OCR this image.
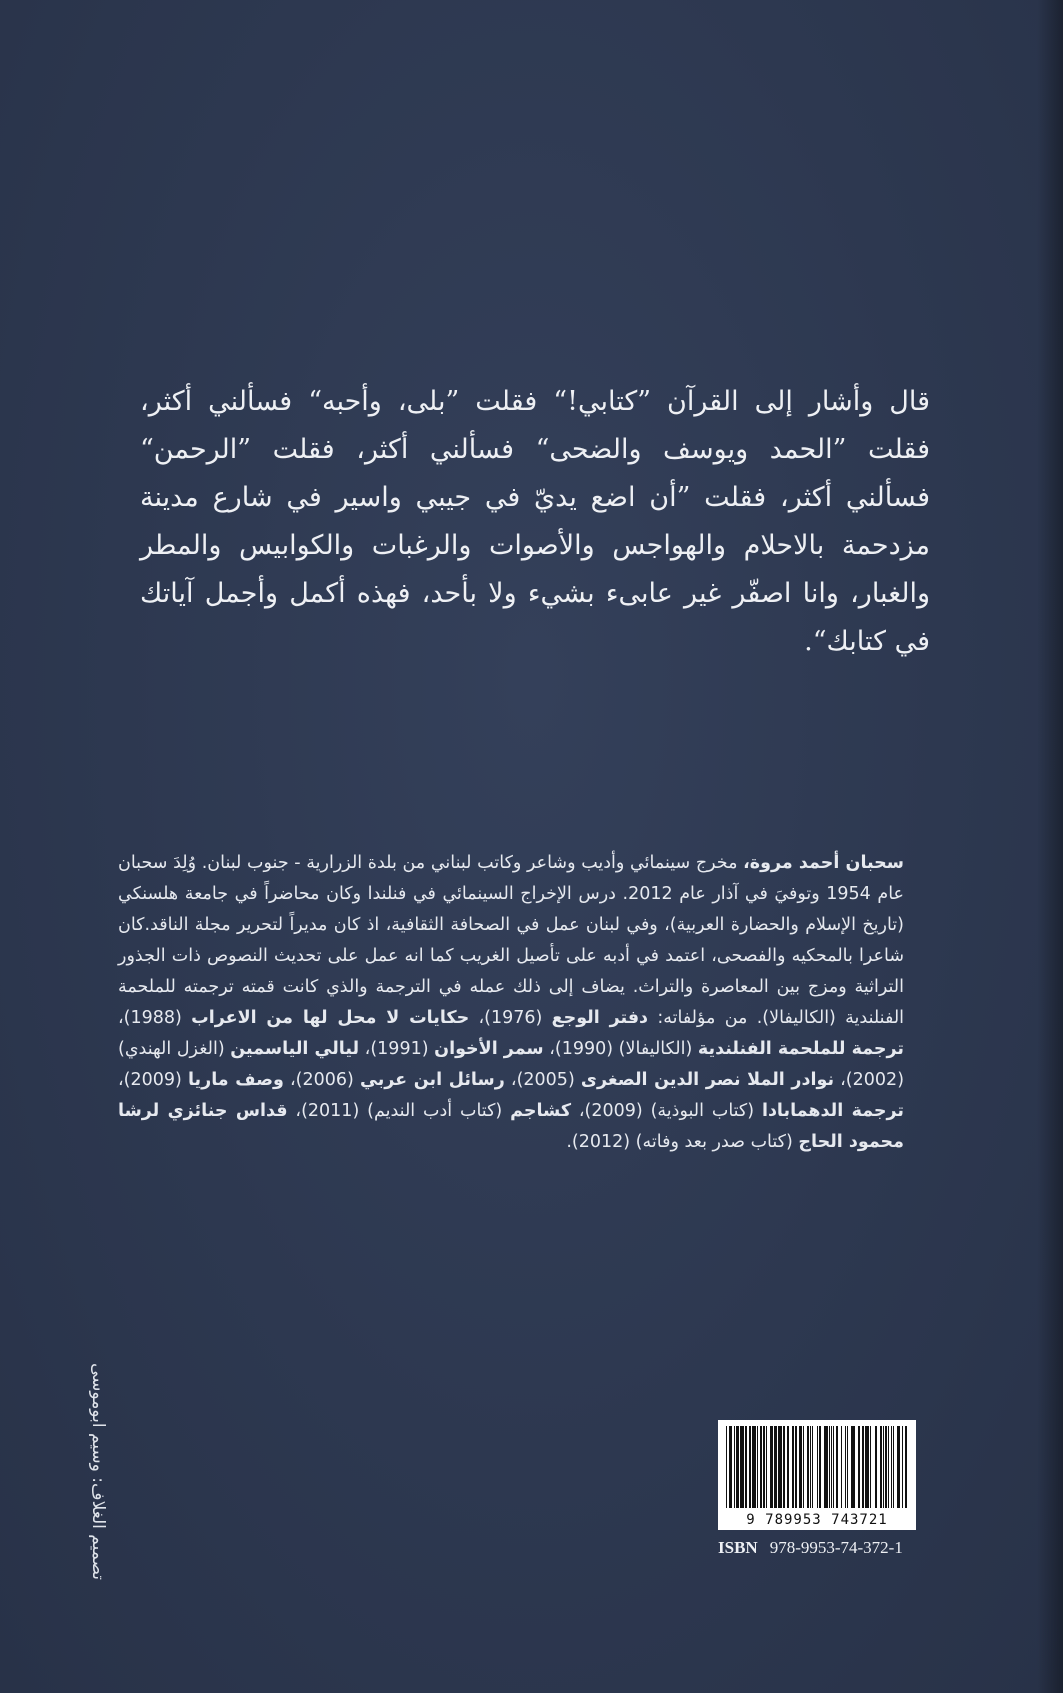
قال وأشار إلى القرآن ”كتابي!“ فقلت ”بلى، وأحبه“ فسألني أكثر، فقلت ”الحمد ويوسف والضحى“ فسألني أكثر، فقلت ”الرحمن“ فسألني أكثر، فقلت ”أن اضع يديّ في جيبي واسير في شارع مدينة مزدحمة بالاحلام والهواجس والأصوات والرغبات والكوابيس والمطر والغبار، وانا اصفّر غير عابىء بشيء ولا بأحد، فهذه أكمل وأجمل آياتك في كتابك“.
سحبان أحمد مروة، مخرج سينمائي وأديب وشاعر وكاتب لبناني من بلدة الزرارية - جنوب لبنان. وُلِدَ سحبان عام 1954 وتوفيَ في آذار عام 2012. درس الإخراج السينمائي في فنلندا وكان محاضراً في جامعة هلسنكي (تاريخ الإسلام والحضارة العربية)، وفي لبنان عمل في الصحافة الثقافية، اذ كان مديراً لتحرير مجلة الناقد.كان شاعرا بالمحكيه والفصحى، اعتمد في أدبه على تأصيل الغريب كما انه عمل على تحديث النصوص ذات الجذور التراثية ومزج بين المعاصرة والتراث. يضاف إلى ذلك عمله في الترجمة والذي كانت قمته ترجمته للملحمة الفنلندية (الكاليفالا). من مؤلفاته: دفتر الوجع (1976)، حكايات لا محل لها من الاعراب (1988)، ترجمة للملحمة الفنلندية (الكاليفالا) (1990)، سمر الأخوان (1991)، ليالي الياسمين (الغزل الهندي) (2002)، نوادر الملا نصر الدين الصغرى (2005)، رسائل ابن عربي (2006)، وصف ماريا (2009)، ترجمة الدهمابادا (كتاب البوذية) (2009)، كشاجم (كتاب أدب النديم) (2011)، قداس جنائزي لرشا محمود الحاج (كتاب صدر بعد وفاته) (2012).
تصميم الغلاف: وسيم ابوموسى	9 789953 743721
ISBN 978-9953-74-372-1
